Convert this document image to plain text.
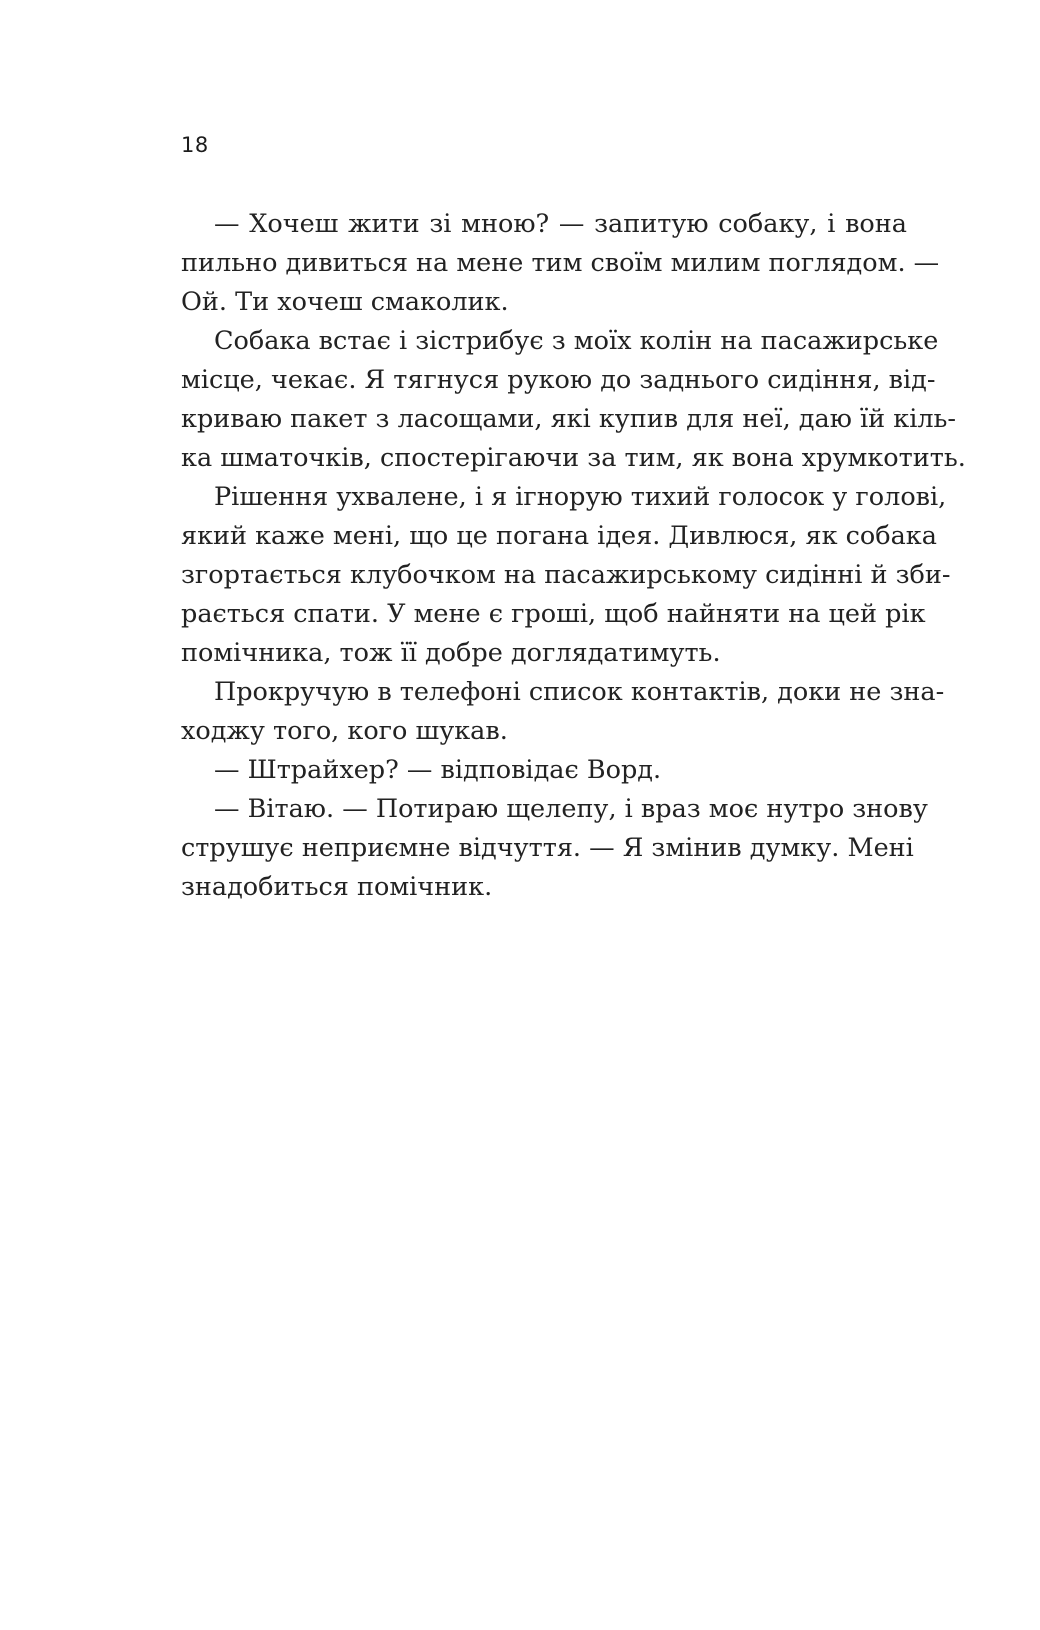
18
— Хочеш жити зі мною? — запитую собаку, і вона
пильно дивиться на мене тим своїм милим поглядом. —
Ой. Ти хочеш смаколик.
Собака встає і зістрибує з моїх колін на пасажирське
місце, чекає. Я тягнуся рукою до заднього сидіння, від-
криваю пакет з ласощами, які купив для неї, даю їй кіль-
ка шматочків, спостерігаючи за тим, як вона хрумкотить.
Рішення ухвалене, і я ігнорую тихий голосок у голові,
який каже мені, що це погана ідея. Дивлюся, як собака
згортається клубочком на пасажирському сидінні й зби-
рається спати. У мене є гроші, щоб найняти на цей рік
помічника, тож її добре доглядатимуть.
Прокручую в телефоні список контактів, доки не зна-
ходжу того, кого шукав.
— Штрайхер? — відповідає Ворд.
— Вітаю. — Потираю щелепу, і враз моє нутро знову
струшує неприємне відчуття. — Я змінив думку. Мені
знадобиться помічник.
